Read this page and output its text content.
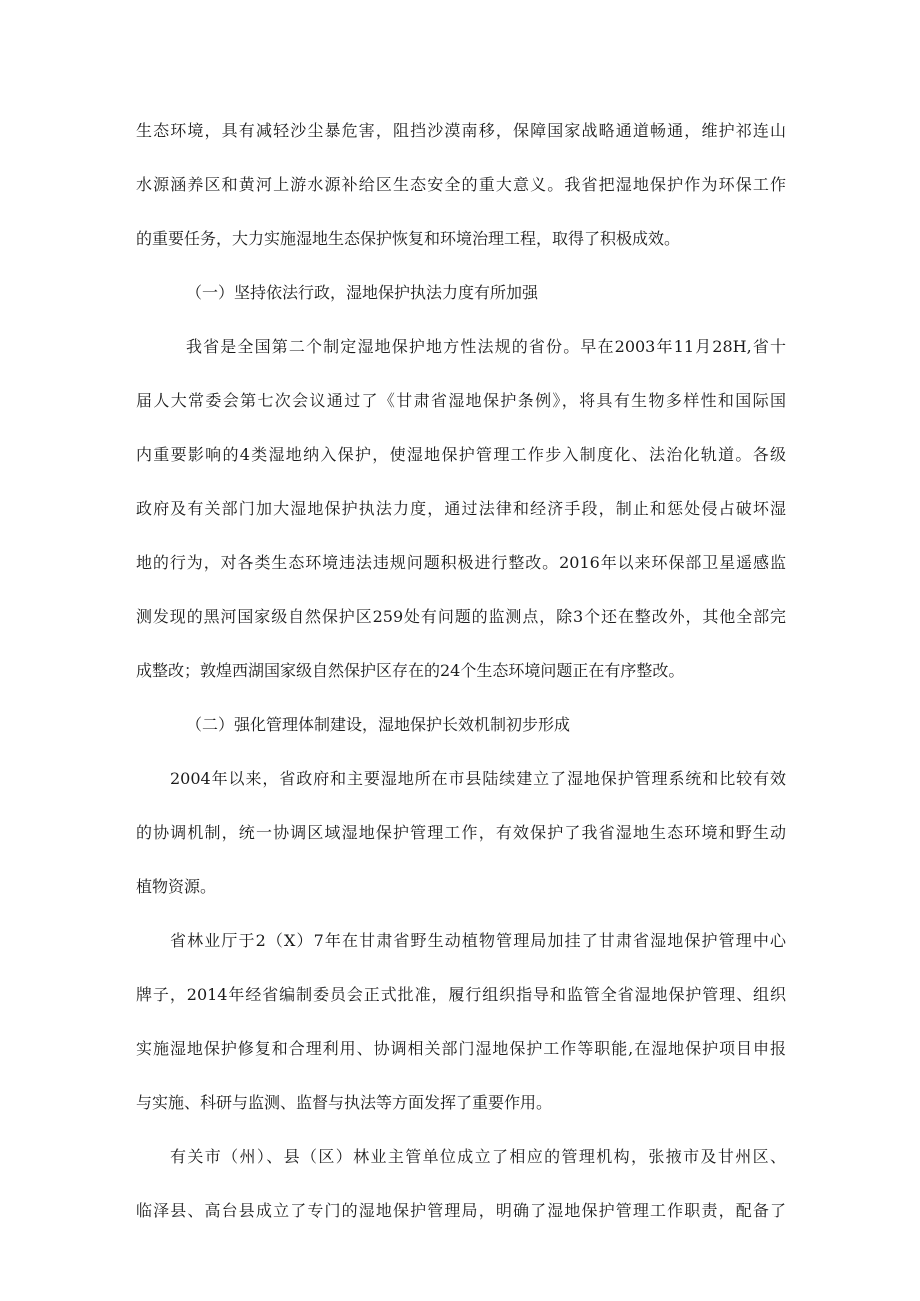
生态环境，具有减轻沙尘暴危害，阻挡沙漠南移，保障国家战略通道畅通，维护祁连山
水源涵养区和黄河上游水源补给区生态安全的重大意义。我省把湿地保护作为环保工作
的重要任务，大力实施湿地生态保护恢复和环境治理工程，取得了积极成效。
（一）坚持依法行政，湿地保护执法力度有所加强
我省是全国第二个制定湿地保护地方性法规的省份。早在2003年11月28H,省十
届人大常委会第七次会议通过了《甘肃省湿地保护条例》，将具有生物多样性和国际国
内重要影响的4类湿地纳入保护，使湿地保护管理工作步入制度化、法治化轨道。各级
政府及有关部门加大湿地保护执法力度，通过法律和经济手段，制止和惩处侵占破坏湿
地的行为，对各类生态环境违法违规问题积极进行整改。2016年以来环保部卫星遥感监
测发现的黑河国家级自然保护区259处有问题的监测点，除3个还在整改外，其他全部完
成整改；敦煌西湖国家级自然保护区存在的24个生态环境问题正在有序整改。
（二）强化管理体制建设，湿地保护长效机制初步形成
2004年以来，省政府和主要湿地所在市县陆续建立了湿地保护管理系统和比较有效
的协调机制，统一协调区域湿地保护管理工作，有效保护了我省湿地生态环境和野生动
植物资源。
省林业厅于2（X）7年在甘肃省野生动植物管理局加挂了甘肃省湿地保护管理中心
牌子，2014年经省编制委员会正式批准，履行组织指导和监管全省湿地保护管理、组织
实施湿地保护修复和合理利用、协调相关部门湿地保护工作等职能,在湿地保护项目申报
与实施、科研与监测、监督与执法等方面发挥了重要作用。
有关市（州）、县（区）林业主管单位成立了相应的管理机构，张掖市及甘州区、
临泽县、高台县成立了专门的湿地保护管理局，明确了湿地保护管理工作职责，配备了
